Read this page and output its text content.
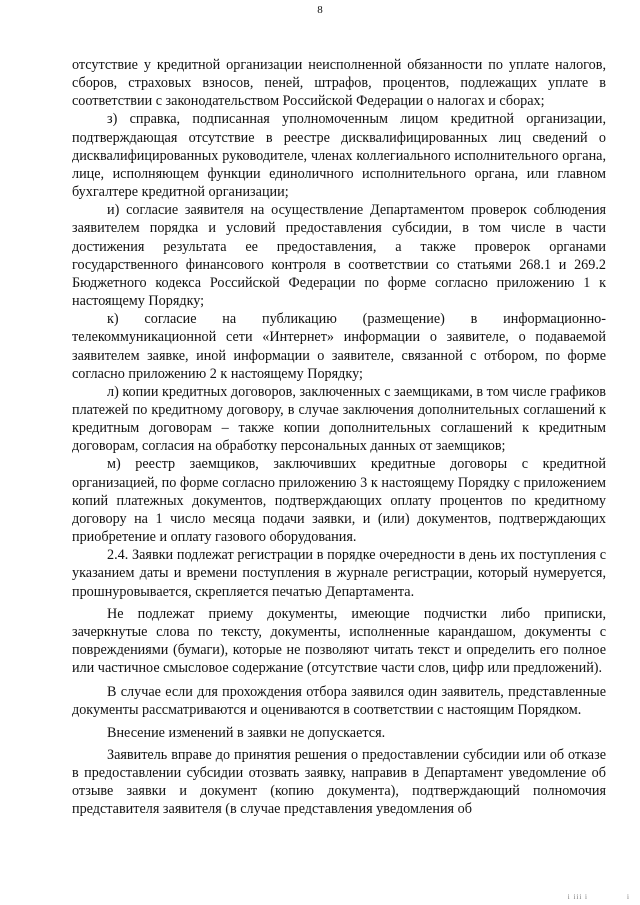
8

отсутствие у кредитной организации неисполненной обязанности по уплате налогов, сборов, страховых взносов, пеней, штрафов, процентов, подлежащих уплате в соответствии с законодательством Российской Федерации о налогах и сборах;

з) справка, подписанная уполномоченным лицом кредитной организации, подтверждающая отсутствие в реестре дисквалифицированных лиц сведений о дисквалифицированных руководителе, членах коллегиального исполнительного органа, лице, исполняющем функции единоличного исполнительного органа, или главном бухгалтере кредитной организации;

и) согласие заявителя на осуществление Департаментом проверок соблюдения заявителем порядка и условий предоставления субсидии, в том числе в части достижения результата ее предоставления, а также проверок органами государственного финансового контроля в соответствии со статьями 268.1 и 269.2 Бюджетного кодекса Российской Федерации по форме согласно приложению 1 к настоящему Порядку;

к) согласие на публикацию (размещение) в информационно-телекоммуникационной сети «Интернет» информации о заявителе, о подаваемой заявителем заявке, иной информации о заявителе, связанной с отбором, по форме согласно приложению 2 к настоящему Порядку;

л) копии кредитных договоров, заключенных с заемщиками, в том числе графиков платежей по кредитному договору, в случае заключения дополнительных соглашений к кредитным договорам – также копии дополнительных соглашений к кредитным договорам, согласия на обработку персональных данных от заемщиков;

м) реестр заемщиков, заключивших кредитные договоры с кредитной организацией, по форме согласно приложению 3 к настоящему Порядку с приложением копий платежных документов, подтверждающих оплату процентов по кредитному договору на 1 число месяца подачи заявки, и (или) документов, подтверждающих приобретение и оплату газового оборудования.

2.4. Заявки подлежат регистрации в порядке очередности в день их поступления с указанием даты и времени поступления в журнале регистрации, который нумеруется, прошнуровывается, скрепляется печатью Департамента.

Не подлежат приему документы, имеющие подчистки либо приписки, зачеркнутые слова по тексту, документы, исполненные карандашом, документы с повреждениями (бумаги), которые не позволяют читать текст и определить его полное или частичное смысловое содержание (отсутствие части слов, цифр или предложений).

В случае если для прохождения отбора заявился один заявитель, представленные документы рассматриваются и оцениваются в соответствии с настоящим Порядком.

Внесение изменений в заявки не допускается.

Заявитель вправе до принятия решения о предоставлении субсидии или об отказе в предоставлении субсидии отозвать заявку, направив в Департамент уведомление об отзыве заявки и документ (копию документа), подтверждающий полномочия представителя заявителя (в случае представления уведомления об

і ііі і	і
